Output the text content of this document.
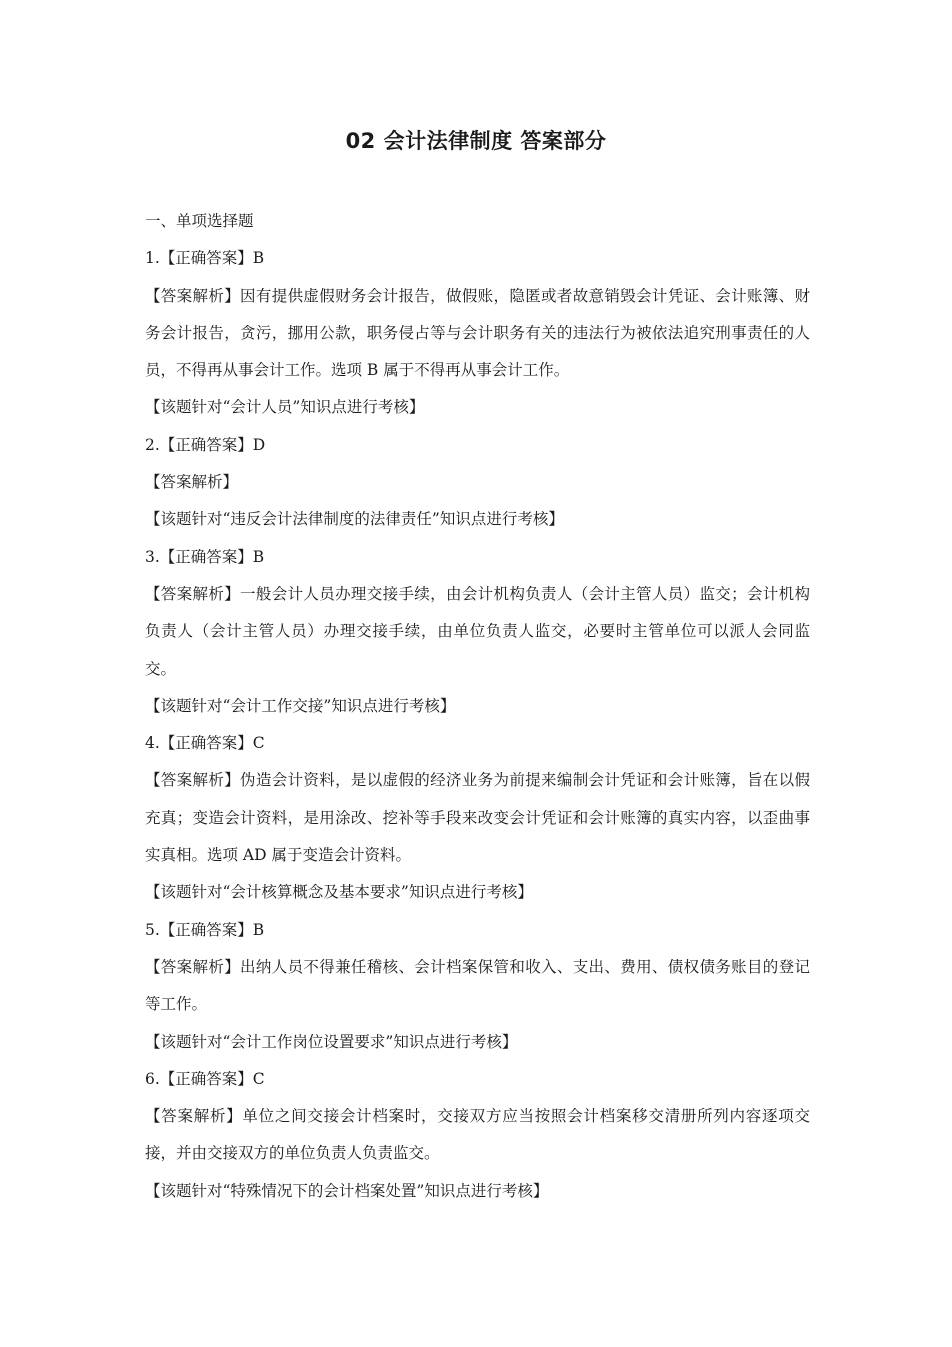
02 会计法律制度 答案部分
一、单项选择题
1.【正确答案】B
【答案解析】因有提供虚假财务会计报告，做假账，隐匿或者故意销毁会计凭证、会计账簿、财务会计报告，贪污，挪用公款，职务侵占等与会计职务有关的违法行为被依法追究刑事责任的人员，不得再从事会计工作。选项 B 属于不得再从事会计工作。
【该题针对“会计人员”知识点进行考核】
2.【正确答案】D
【答案解析】
【该题针对“违反会计法律制度的法律责任”知识点进行考核】
3.【正确答案】B
【答案解析】一般会计人员办理交接手续，由会计机构负责人（会计主管人员）监交；会计机构负责人（会计主管人员）办理交接手续，由单位负责人监交，必要时主管单位可以派人会同监交。
【该题针对“会计工作交接”知识点进行考核】
4.【正确答案】C
【答案解析】伪造会计资料，是以虚假的经济业务为前提来编制会计凭证和会计账簿，旨在以假充真；变造会计资料，是用涂改、挖补等手段来改变会计凭证和会计账簿的真实内容，以歪曲事实真相。选项 AD 属于变造会计资料。
【该题针对“会计核算概念及基本要求”知识点进行考核】
5.【正确答案】B
【答案解析】出纳人员不得兼任稽核、会计档案保管和收入、支出、费用、债权债务账目的登记等工作。
【该题针对“会计工作岗位设置要求”知识点进行考核】
6.【正确答案】C
【答案解析】单位之间交接会计档案时，交接双方应当按照会计档案移交清册所列内容逐项交接，并由交接双方的单位负责人负责监交。
【该题针对“特殊情况下的会计档案处置”知识点进行考核】
